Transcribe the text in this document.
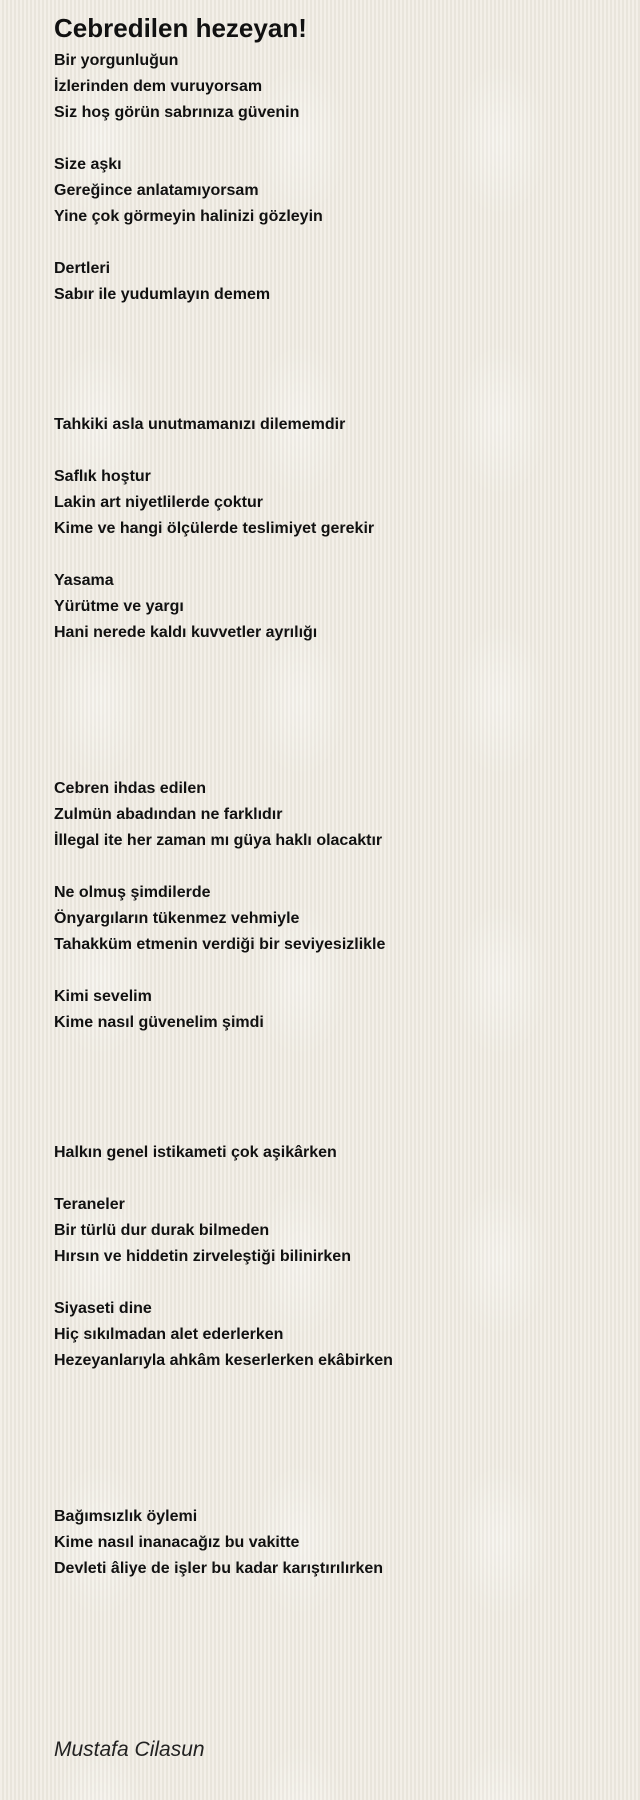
Cebredilen hezeyan!
Bir yorgunluğun
İzlerinden dem vuruyorsam
Siz hoş görün sabrınıza güvenin
Size aşkı
Gereğince anlatamıyorsam
Yine çok görmeyin halinizi gözleyin
Dertleri
Sabır ile yudumlayın demem
Tahkiki asla unutmamanızı dilememdir
Saflık hoştur
Lakin art niyetlilerde çoktur
Kime ve hangi ölçülerde teslimiyet gerekir
Yasama
Yürütme ve yargı
Hani nerede kaldı kuvvetler ayrılığı
Cebren ihdas edilen
Zulmün abadından ne farklıdır
İllegal ite her zaman mı güya haklı olacaktır
Ne olmuş şimdilerde
Önyargıların tükenmez vehmiyle
Tahakküm etmenin verdiği bir seviyesizlikle
Kimi sevelim
Kime nasıl güvenelim şimdi
Halkın genel istikameti çok aşikârken
Teraneler
Bir türlü dur durak bilmeden
Hırsın ve hiddetin zirveleştiği bilinirken
Siyaseti dine
Hiç sıkılmadan alet ederlerken
Hezeyanlarıyla ahkâm keserlerken ekâbirken
Bağımsızlık öylemi
Kime nasıl inanacağız bu vakitte
Devleti âliye de işler bu kadar karıştırılırken
Mustafa Cilasun
